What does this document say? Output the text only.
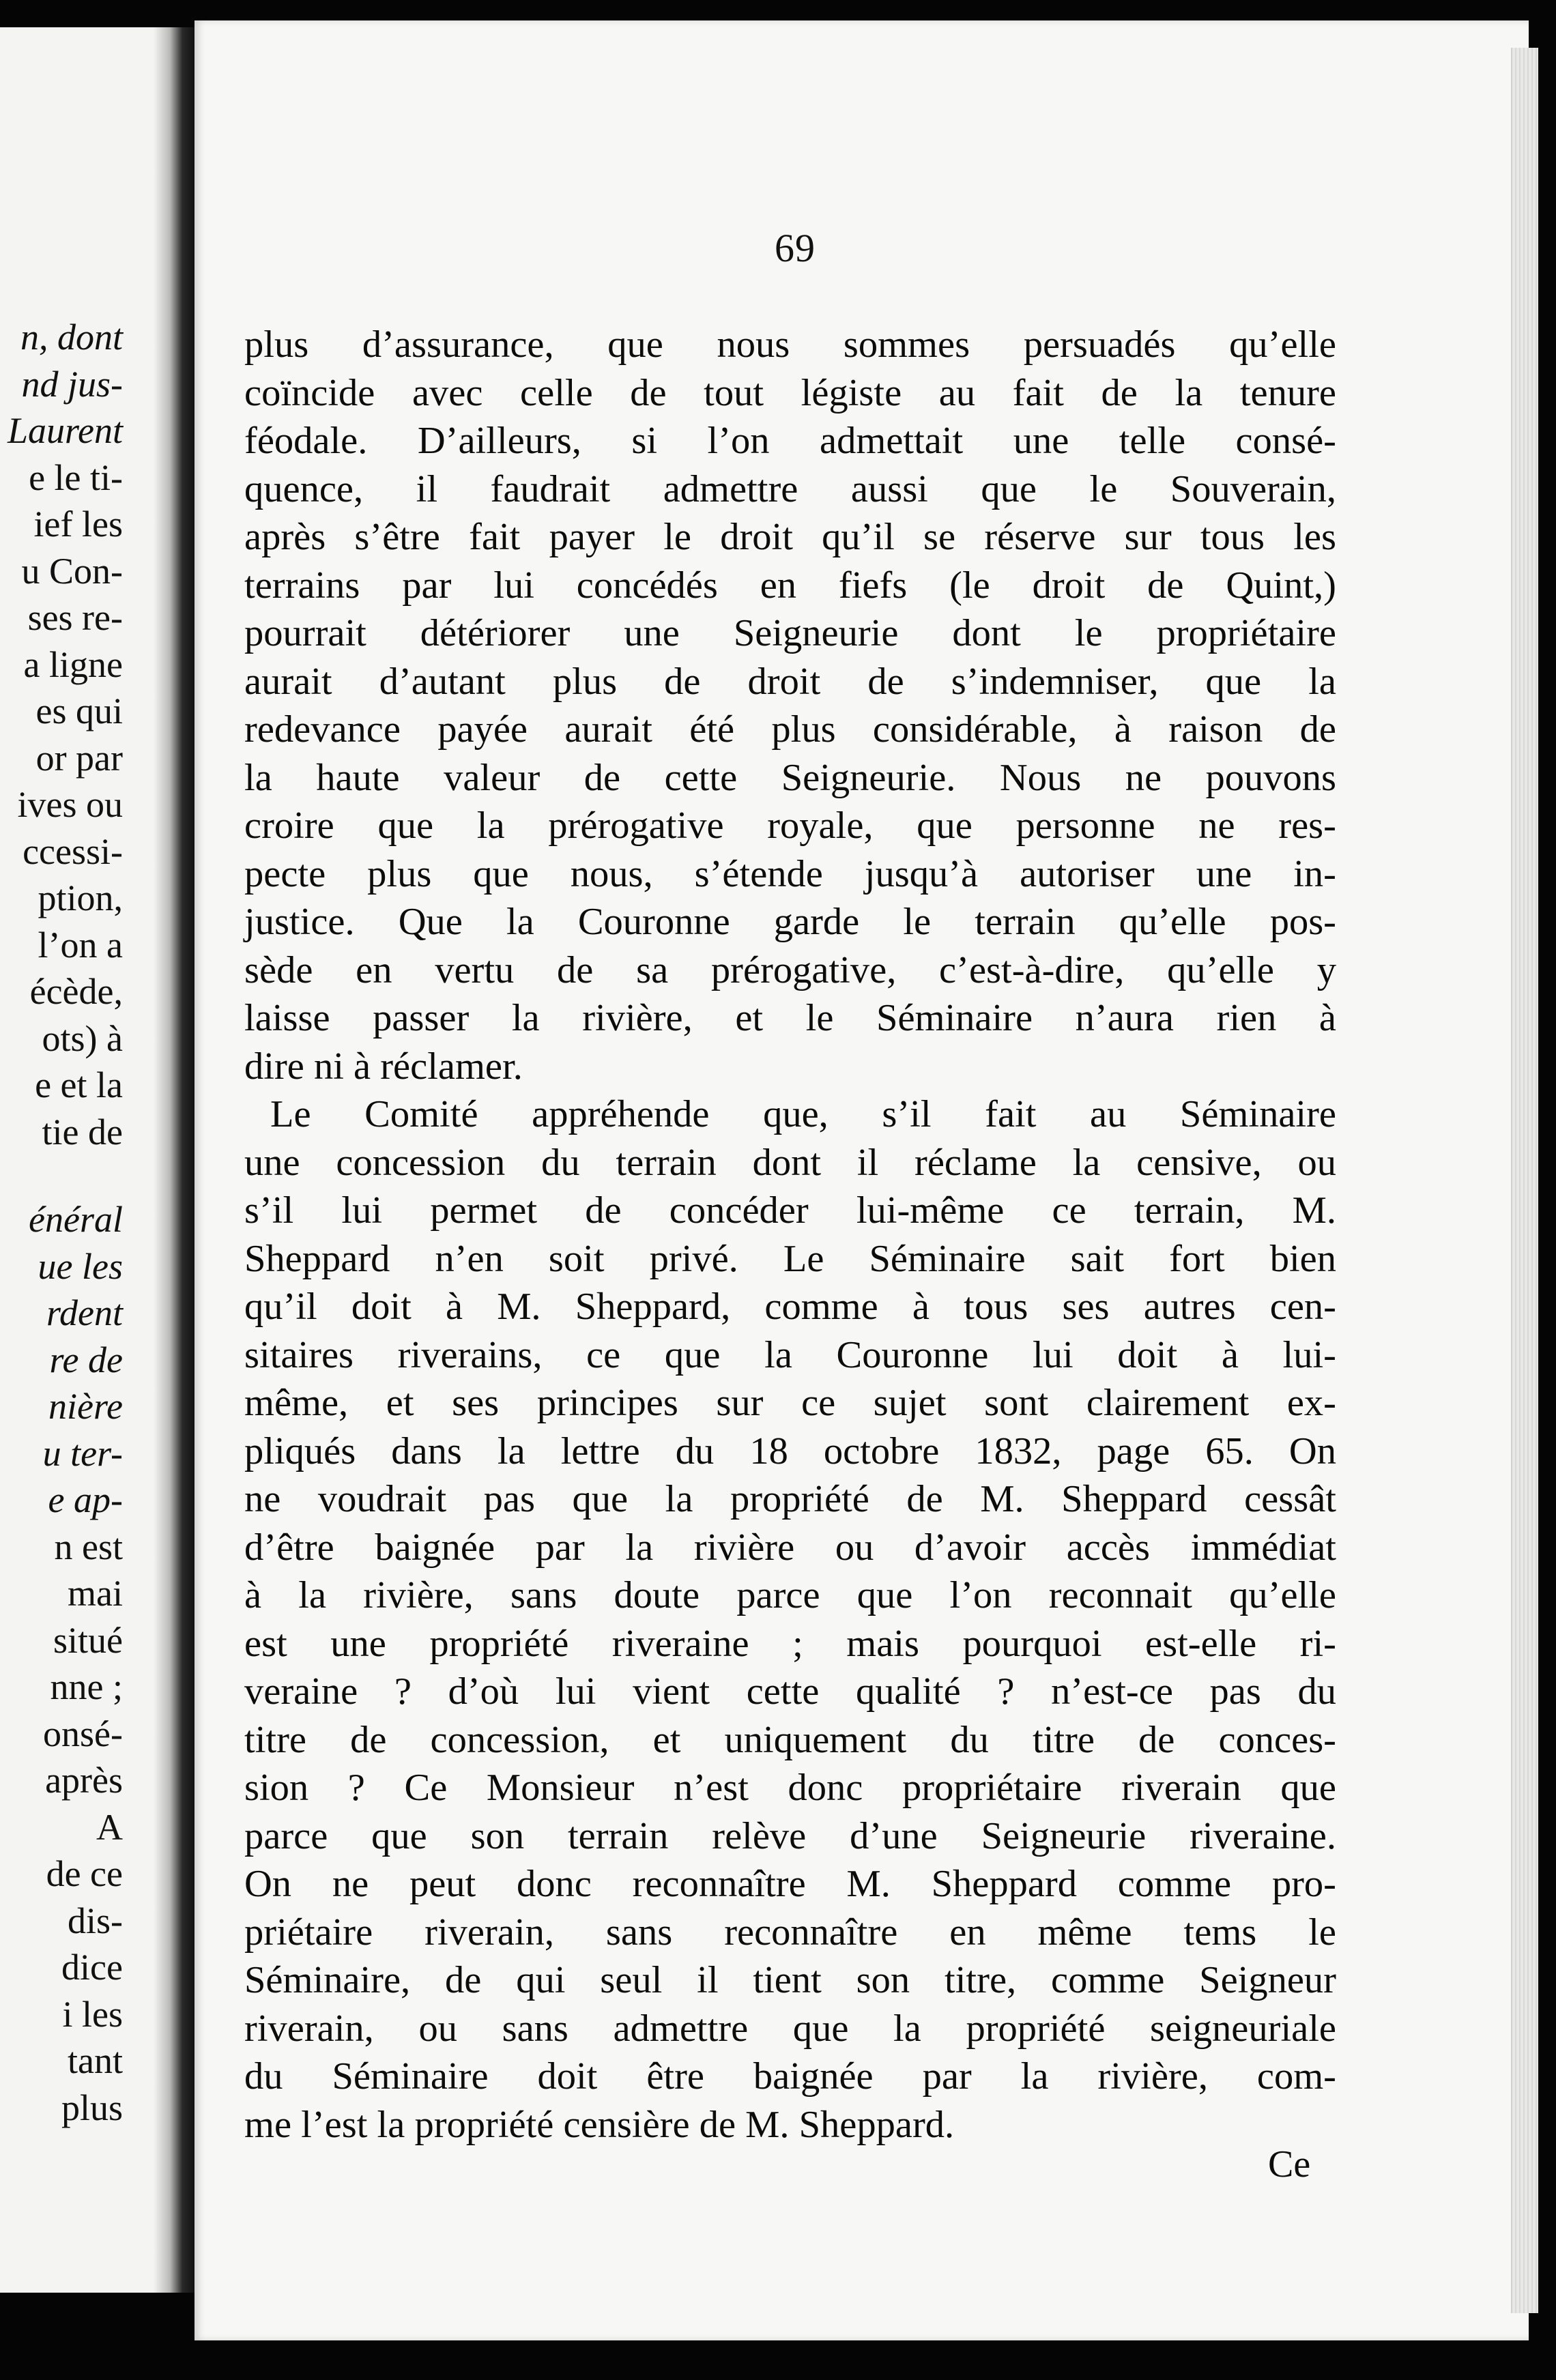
n, dont
nd jus-
Laurent
e le ti-
ief les
u Con-
ses re-
a ligne
es qui
or par
ives ou
ccessi-
ption,
l’on a
écède,
ots) à
e et la
tie de
énéral
ue les
rdent
re de
nière
u ter-
e ap-
n est
mai
situé
nne ;
onsé-
après
A
de ce
dis-
dice
i les
tant
plus
69
plus d’assurance, que nous sommes persuadés qu’elle
coïncide avec celle de tout légiste au fait de la tenure
féodale. D’ailleurs, si l’on admettait une telle consé-
quence, il faudrait admettre aussi que le Souverain,
après s’être fait payer le droit qu’il se réserve sur tous les
terrains par lui concédés en fiefs (le droit de Quint,)
pourrait détériorer une Seigneurie dont le propriétaire
aurait d’autant plus de droit de s’indemniser, que la
redevance payée aurait été plus considérable, à raison de
la haute valeur de cette Seigneurie. Nous ne pouvons
croire que la prérogative royale, que personne ne res-
pecte plus que nous, s’étende jusqu’à autoriser une in-
justice. Que la Couronne garde le terrain qu’elle pos-
sède en vertu de sa prérogative, c’est-à-dire, qu’elle y
laisse passer la rivière, et le Séminaire n’aura rien à
dire ni à réclamer.
Le Comité appréhende que, s’il fait au Séminaire
une concession du terrain dont il réclame la censive, ou
s’il lui permet de concéder lui-même ce terrain, M.
Sheppard n’en soit privé. Le Séminaire sait fort bien
qu’il doit à M. Sheppard, comme à tous ses autres cen-
sitaires riverains, ce que la Couronne lui doit à lui-
même, et ses principes sur ce sujet sont clairement ex-
pliqués dans la lettre du 18 octobre 1832, page 65. On
ne voudrait pas que la propriété de M. Sheppard cessât
d’être baignée par la rivière ou d’avoir accès immédiat
à la rivière, sans doute parce que l’on reconnait qu’elle
est une propriété riveraine ; mais pourquoi est-elle ri-
veraine ? d’où lui vient cette qualité ? n’est-ce pas du
titre de concession, et uniquement du titre de conces-
sion ? Ce Monsieur n’est donc propriétaire riverain que
parce que son terrain relève d’une Seigneurie riveraine.
On ne peut donc reconnaître M. Sheppard comme pro-
priétaire riverain, sans reconnaître en même tems le
Séminaire, de qui seul il tient son titre, comme Seigneur
riverain, ou sans admettre que la propriété seigneuriale
du Séminaire doit être baignée par la rivière, com-
me l’est la propriété censière de M. Sheppard.
Ce
